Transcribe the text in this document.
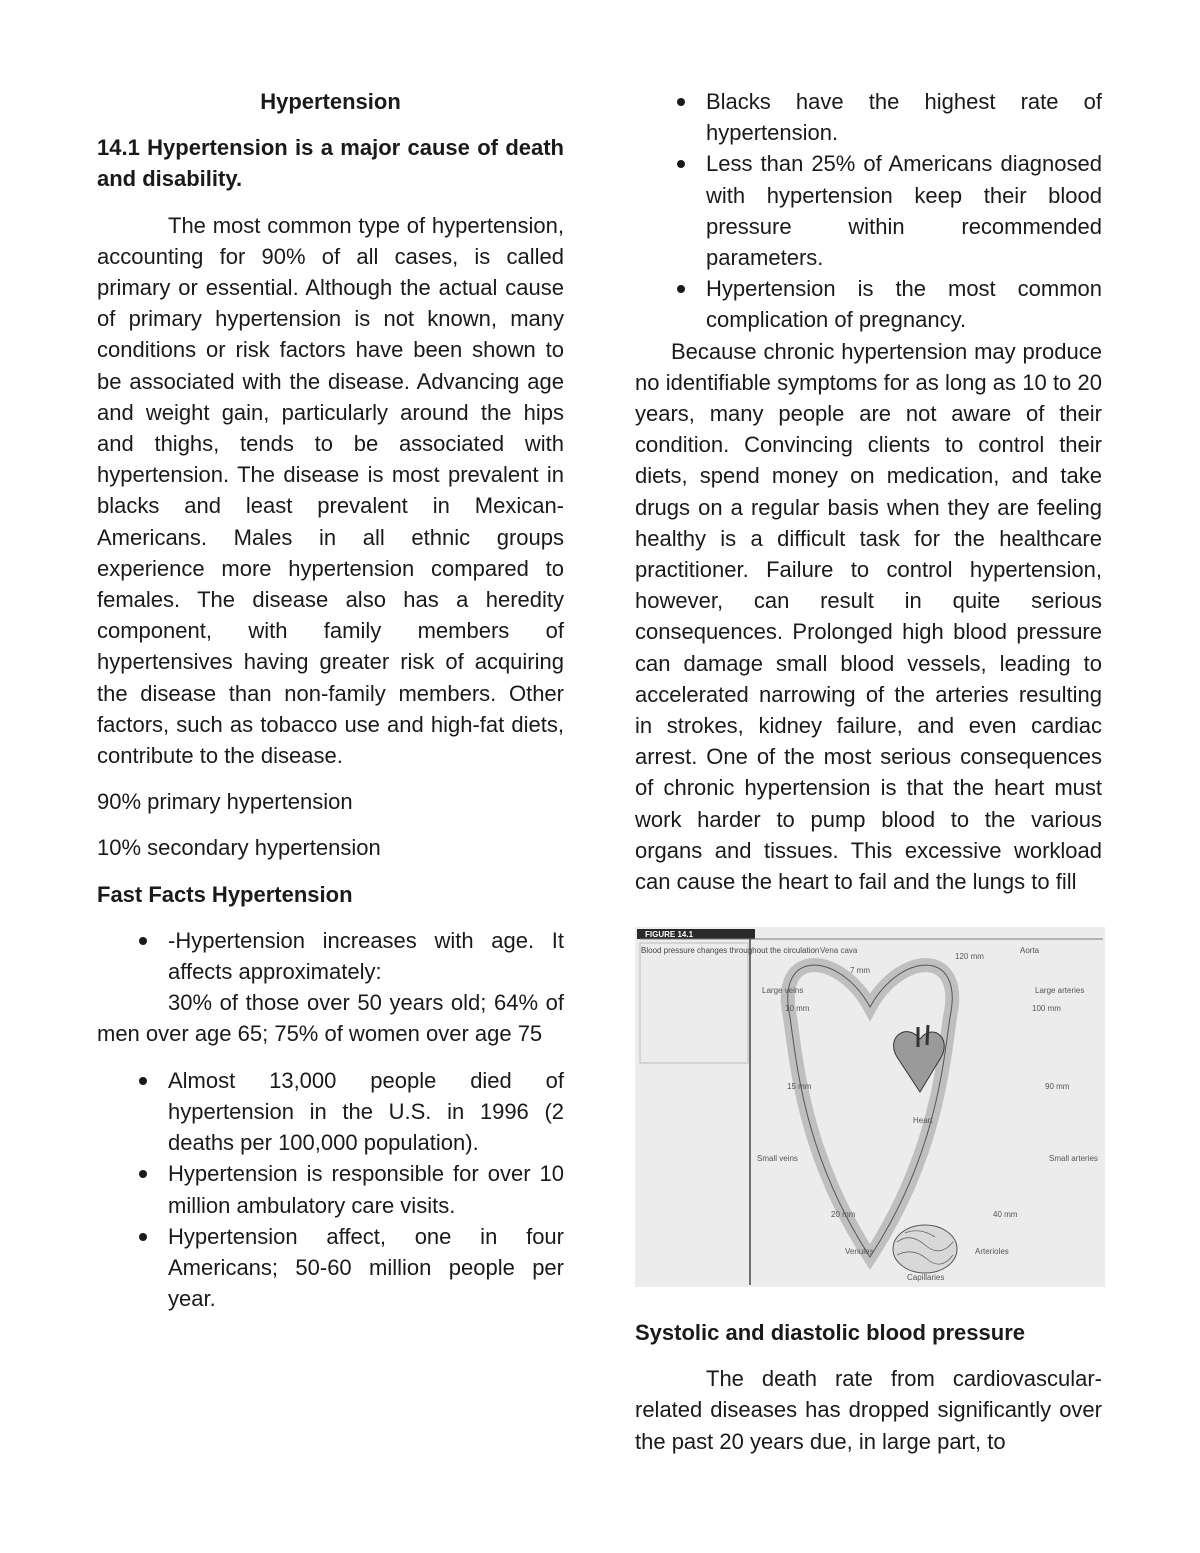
Hypertension
14.1 Hypertension is a major cause of death and disability.
The most common type of hypertension, accounting for 90% of all cases, is called primary or essential. Although the actual cause of primary hypertension is not known, many conditions or risk factors have been shown to be associated with the disease. Advancing age and weight gain, particularly around the hips and thighs, tends to be associated with hypertension. The disease is most prevalent in blacks and least prevalent in Mexican-Americans. Males in all ethnic groups experience more hypertension compared to females. The disease also has a heredity component, with family members of hypertensives having greater risk of acquiring the disease than non-family members. Other factors, such as tobacco use and high-fat diets, contribute to the disease.
90% primary hypertension
10% secondary hypertension
Fast Facts Hypertension
-Hypertension increases with age. It affects approximately:
30% of those over 50 years old; 64% of men over age 65; 75% of women over age 75
Almost 13,000 people died of hypertension in the U.S. in 1996 (2 deaths per 100,000 population).
Hypertension is responsible for over 10 million ambulatory care visits.
Hypertension affect, one in four Americans; 50-60 million people per year.
Blacks have the highest rate of hypertension.
Less than 25% of Americans diagnosed with hypertension keep their blood pressure within recommended parameters.
Hypertension is the most common complication of pregnancy.
Because chronic hypertension may produce no identifiable symptoms for as long as 10 to 20 years, many people are not aware of their condition. Convincing clients to control their diets, spend money on medication, and take drugs on a regular basis when they are feeling healthy is a difficult task for the healthcare practitioner. Failure to control hypertension, however, can result in quite serious consequences. Prolonged high blood pressure can damage small blood vessels, leading to accelerated narrowing of the arteries resulting in strokes, kidney failure, and even cardiac arrest. One of the most serious consequences of chronic hypertension is that the heart must work harder to pump blood to the various organs and tissues. This excessive workload can cause the heart to fail and the lungs to fill
FIGURE 14.1
Blood pressure changes throughout the circulation Vena cava	Aorta
7 mm
120 mm
Large veins	Large arteries
10 mm	100 mm
15 mm	90 mm
Heart
Small veins	Small arteries
20 mm	40 mm
Venules	Arterioles
Capillaries
Systolic and diastolic blood pressure
The death rate from cardiovascular-related diseases has dropped significantly over the past 20 years due, in large part, to
